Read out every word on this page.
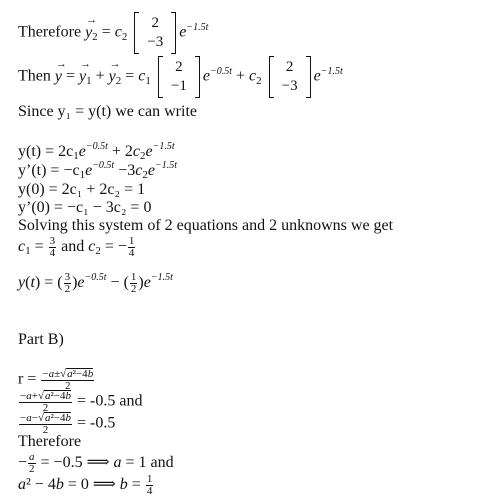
Therefore → $y_2 = c_2$
2
−3
$e^{-1.5t}$
Then → y = → $y_1$ + → $y_2 = c_1$
2
−1
$e^{-0.5t} + c_2$
2
−3
$e^{-1.5t}$
Since y₁ = y(t) we can write
$y(t) = 2c_1e^{-0.5t} + 2c_2e^{-1.5t}$
y’(t) = $-c_1e^{-0.5t} -3c_2e^{-1.5t}$
y(0) = 2c₁ + 2c₂ = 1
y’(0) = −c₁ − 3c₂ = 0
Solving this system of 2 equations and 2 unknowns we get
$c_1 = \frac{3}{4}$ and $c_2$ = − $\frac{1}{4}$
y(t) = ( $\frac{3}{2} )e^{-0.5t}$ − ( $\frac{1}{2} )e^{-1.5t}$
Part B)
$r = \frac{\text{−a±√a²−4b}}{2}$
$\frac{\text{−a+√a²−4b}}{2} = -0.5$ and
$\frac{\text{−a−√a²−4b}}{2} = -0.5$
Therefore
− $\frac{a}{2} = -0.5$ ⟹ a = 1 and
a² − 4b = 0 ⟹ $b = \frac{1}{4}$
